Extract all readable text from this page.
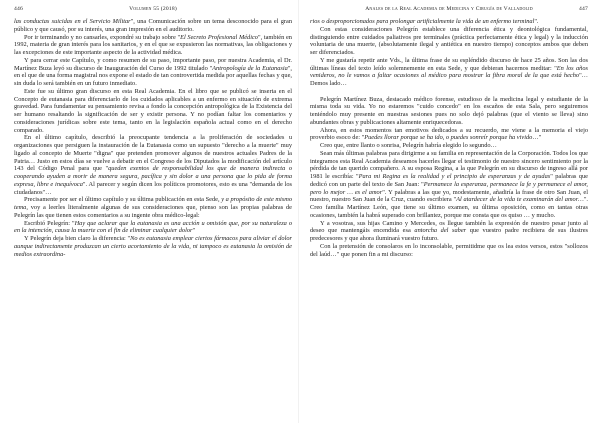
446	Volumen 55 (2018)

las conductas suicidas en el Servicio Militar", una Comunicación sobre un tema desconocido para el gran público y que causó, por su interés, una gran impresión en el auditorio.

Por ir terminando y no cansarles, expondré su trabajo sobre "El Secreto Profesional Médico", también en 1992, materia de gran interés para los sanitarios, y en el que se expusieron las normativas, las obligaciones y las excepciones de este importante aspecto de la actividad médica.

Y para cerrar este Capítulo, y como resumen de su paso, importante paso, por nuestra Academia, el Dr. Martínez Buza leyó su discurso de Inauguración del Curso de 1992 titulado "Antropología de la Eutanasia", en el que de una forma magistral nos expone el estado de tan controvertida medida por aquellas fechas y que, sin duda lo será también en un futuro inmediato.

Este fue su último gran discurso en esta Real Academia. En el libro que se publicó se inserta en el Concepto de eutanasia para diferenciarlo de los cuidados aplicables a un enfermo en situación de extrema gravedad. Para fundamentar su pensamiento revisa a fondo la concepción antropológica de la Existencia del ser humano resaltando la significación de ser y existir persona. Y no podían faltar los comentarios y consideraciones jurídicas sobre este tema, tanto en la legislación española actual como en el derecho comparado.

En el último capítulo, describió la preocupante tendencia a la proliferación de sociedades u organizaciones que persiguen la instauración de la Eutanasia como un supuesto "derecho a la muerte" muy ligado al concepto de Muerte "digna" que pretenden promover algunos de nuestros actuales Padres de la Patria… Justo en estos días se vuelve a debatir en el Congreso de los Diputados la modificación del artículo 143 del Código Penal para que "queden exentos de responsabilidad los que de manera indirecta o cooperando ayuden a morir de manera segura, pacífica y sin dolor a una persona que lo pida de forma expresa, libre e inequívoca". Al parecer y según dicen los políticos promotores, esto es una "demanda de los ciudadanos"…

Precisamente por ser el último capítulo y su última publicación en esta Sede, y a propósito de este mismo tema, voy a leerles literalmente algunas de sus consideraciones que, pienso son las propias palabras de Pelegrín las que tienen estos comentarios a su ingente obra médico-legal:

Escribió Pelegrín: "Hay que aclarar que la eutanasia es una acción u omisión que, por su naturaleza o en la intención, causa la muerte con el fin de eliminar cualquier dolor"

Y Pelegrín deja bien claro la diferencia: "No es eutanasia emplear ciertos fármacos para aliviar el dolor aunque indirectamente produzcan un cierto acortamiento de la vida, ni tampoco es eutanasia la omisión de medios extraordina-

Anales de la Real Academia de Medicina y Cirugía de Valladolid	447

rios o desproporcionados para prolongar artificialmente la vida de un enfermo terminal".

Con estas consideraciones Pelegrín establece una diferencia ética y deontológica fundamental, distinguiendo entre cuidados paliativos pre terminales (práctica perfectamente ética y legal) y la inducción voluntaria de una muerte, (absolutamente ilegal y antiética en nuestro tiempo) conceptos ambos que deben ser diferenciados.

Y me gustaría repetir ante Vds., la última frase de su espléndido discurso de hace 25 años. Son las dos últimas líneas del texto leído solemnemente en esta Sede, y que debieran hacernos meditar: "En los años venideros, no le vamos a faltar ocasiones al médico para mostrar la fibra moral de la que está hecho"…Demos lado…

Pelegrín Martínez Buza, destacado médico forense, estudioso de la medicina legal y estudiante de la misma toda su vida. Yo no estaremos "cuido concedo" en los escaños de esta Sala, pero seguiremos teniéndolo muy presente en nuestras sesiones pues no solo dejó palabras (que el viento se lleva) sino abundantes obras y publicaciones altamente enriquecedoras.

Ahora, en estos momentos tan emotivos dedicados a su recuerdo, me viene a la memoria el viejo proverbio esoco de: "Puedes llorar porque se ha ido, o puedes sonreír porque ha vivido…"

Creo que, entre llanto o sonrisa, Pelegrín habría elegido lo segundo…

Sean más últimas palabras para dirigirme a su familia en representación de la Corporación. Todos los que integramos esta Real Academia deseamos hacerles llegar el testimonio de nuestro sincero sentimiento por la pérdida de tan querido compañero. A su esposa Regina, a la que Pelegrín en su discurso de ingreso allá por 1981 le escribía: "Para mi Regina es la realidad y el principio de esperanzas y de ayudas" palabras que dedicó con un parte del texto de San Juan: "Permanece la esperanza, permanece la fe y permanece el amor, pero lo mejor … es el amor". Y palabras a las que yo, modestamente, añadiría la frase de otro San Juan, el nuestro, nuestro San Juan de la Cruz, cuando escribiera "Al atardecer de la vida te examinarán del amor…". Creo familia Martínez León, que tiene su último examen, su última oposición, como en tantas otras ocasiones, también la habrá superado con brillantez, porque me consta que os quiso … y mucho.

Y a vosotras, sus hijas Camino y Mercedes, os llegue también la expresión de nuestro pesar junto al deseo que mantengáis encendida esa antorcha del saber que vuestro padre recibiera de sus ilustres predecesores y que ahora iluminará vuestro futuro.

Con la pretensión de consolaros en lo inconsolable, permitidme que os lea estos versos, estos "sollozos del laúd…" que ponen fin a mi discurso:
